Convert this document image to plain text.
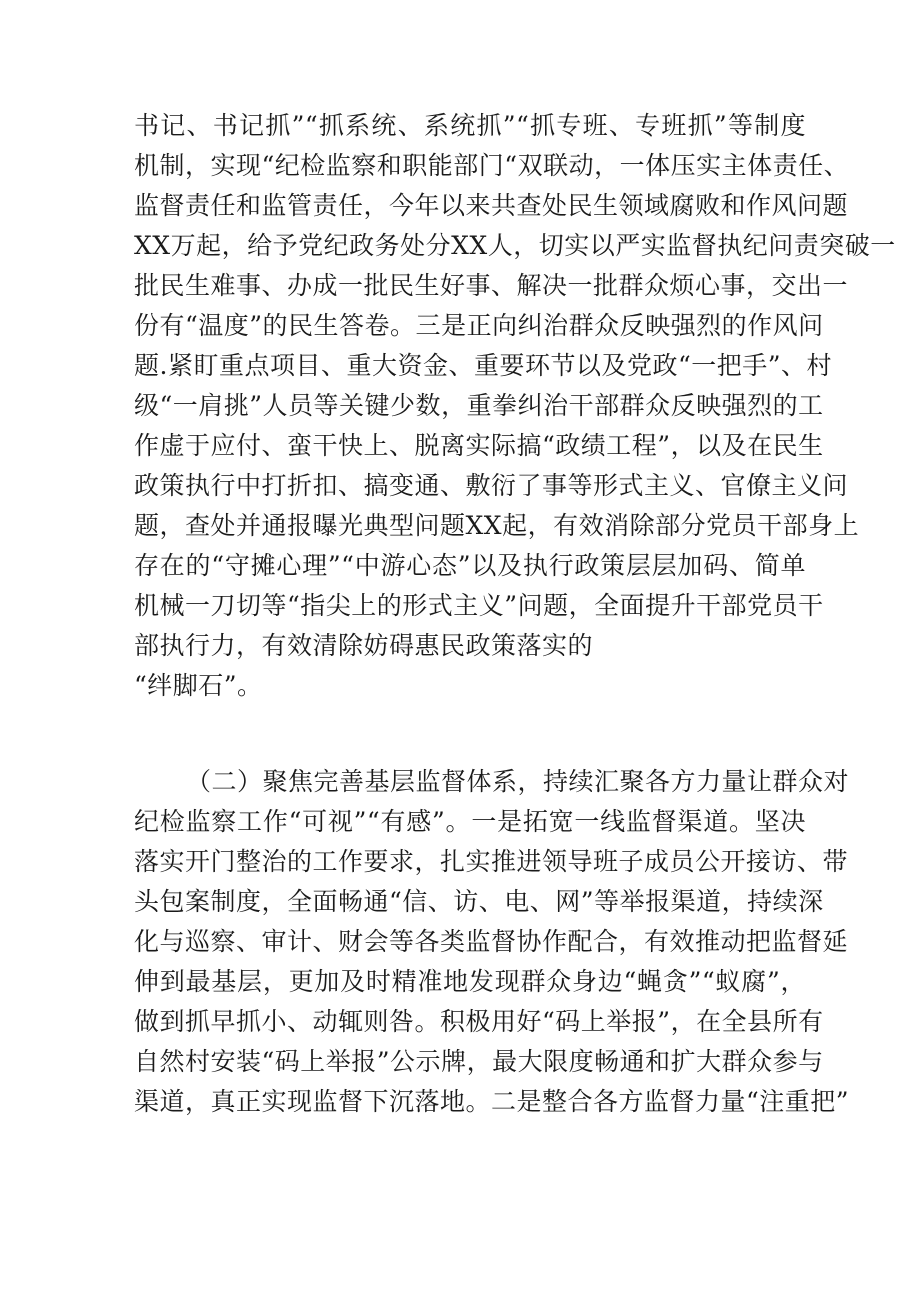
书记、书记抓”“抓系统、系统抓”“抓专班、专班抓”等制度
机制，实现“纪检监察和职能部门“双联动，一体压实主体责任、
监督责任和监管责任，今年以来共查处民生领域腐败和作风问题
XX万起，给予党纪政务处分XX人，切实以严实监督执纪问责突破一
批民生难事、办成一批民生好事、解决一批群众烦心事，交出一
份有“温度”的民生答卷。三是正向纠治群众反映强烈的作风问
题.紧盯重点项目、重大资金、重要环节以及党政“一把手”、村
级“一肩挑”人员等关键少数，重拳纠治干部群众反映强烈的工
作虚于应付、蛮干快上、脱离实际搞“政绩工程”，以及在民生
政策执行中打折扣、搞变通、敷衍了事等形式主义、官僚主义问
题，查处并通报曝光典型问题XX起，有效消除部分党员干部身上
存在的“守摊心理”“中游心态”以及执行政策层层加码、简单
机械一刀切等“指尖上的形式主义”问题，全面提升干部党员干
部执行力，有效清除妨碍惠民政策落实的
“绊脚石”。
（二）聚焦完善基层监督体系，持续汇聚各方力量让群众对
纪检监察工作“可视”“有感”。一是拓宽一线监督渠道。坚决
落实开门整治的工作要求，扎实推进领导班子成员公开接访、带
头包案制度，全面畅通“信、访、电、网”等举报渠道，持续深
化与巡察、审计、财会等各类监督协作配合，有效推动把监督延
伸到最基层，更加及时精准地发现群众身边“蝇贪”“蚁腐”，
做到抓早抓小、动辄则咎。积极用好“码上举报”，在全县所有
自然村安装“码上举报”公示牌，最大限度畅通和扩大群众参与
渠道，真正实现监督下沉落地。二是整合各方监督力量“注重把”
